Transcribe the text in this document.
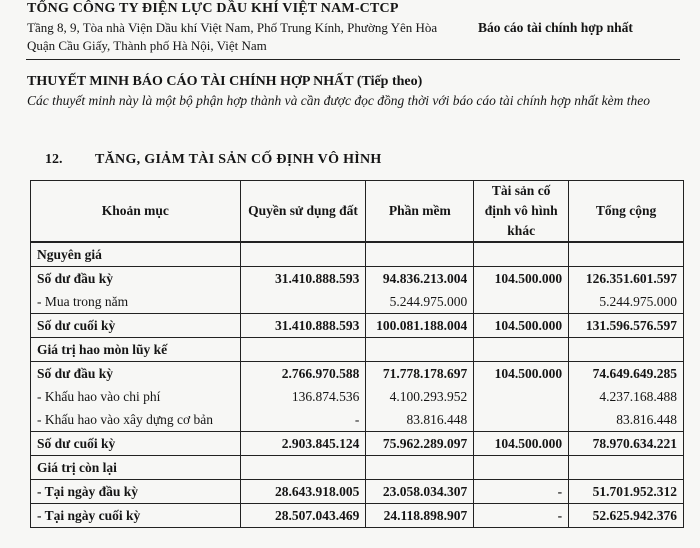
TỔNG CÔNG TY ĐIỆN LỰC DẦU KHÍ VIỆT NAM-CTCP
Tầng 8, 9, Tòa nhà Viện Dầu khí Việt Nam, Phố Trung Kính, Phường Yên Hòa	Báo cáo tài chính hợp nhất
Quận Cầu Giấy, Thành phố Hà Nội, Việt Nam
THUYẾT MINH BÁO CÁO TÀI CHÍNH HỢP NHẤT (Tiếp theo)
Các thuyết minh này là một bộ phận hợp thành và cần được đọc đồng thời với báo cáo tài chính hợp nhất kèm theo
12. TĂNG, GIẢM TÀI SẢN CỐ ĐỊNH VÔ HÌNH
Khoản mục	Quyền sử dụng đất	Phần mềm	Tài sản cố định vô hình khác	Tổng cộng
Nguyên giá				
Số dư đầu kỳ	31.410.888.593	94.836.213.004	104.500.000	126.351.601.597
- Mua trong năm		5.244.975.000		5.244.975.000
Số dư cuối kỳ	31.410.888.593	100.081.188.004	104.500.000	131.596.576.597
Giá trị hao mòn lũy kế				
Số dư đầu kỳ	2.766.970.588	71.778.178.697	104.500.000	74.649.649.285
- Khấu hao vào chi phí	136.874.536	4.100.293.952		4.237.168.488
- Khấu hao vào xây dựng cơ bản	-	83.816.448		83.816.448
Số dư cuối kỳ	2.903.845.124	75.962.289.097	104.500.000	78.970.634.221
Giá trị còn lại				
- Tại ngày đầu kỳ	28.643.918.005	23.058.034.307	-	51.701.952.312
- Tại ngày cuối kỳ	28.507.043.469	24.118.898.907	-	52.625.942.376
